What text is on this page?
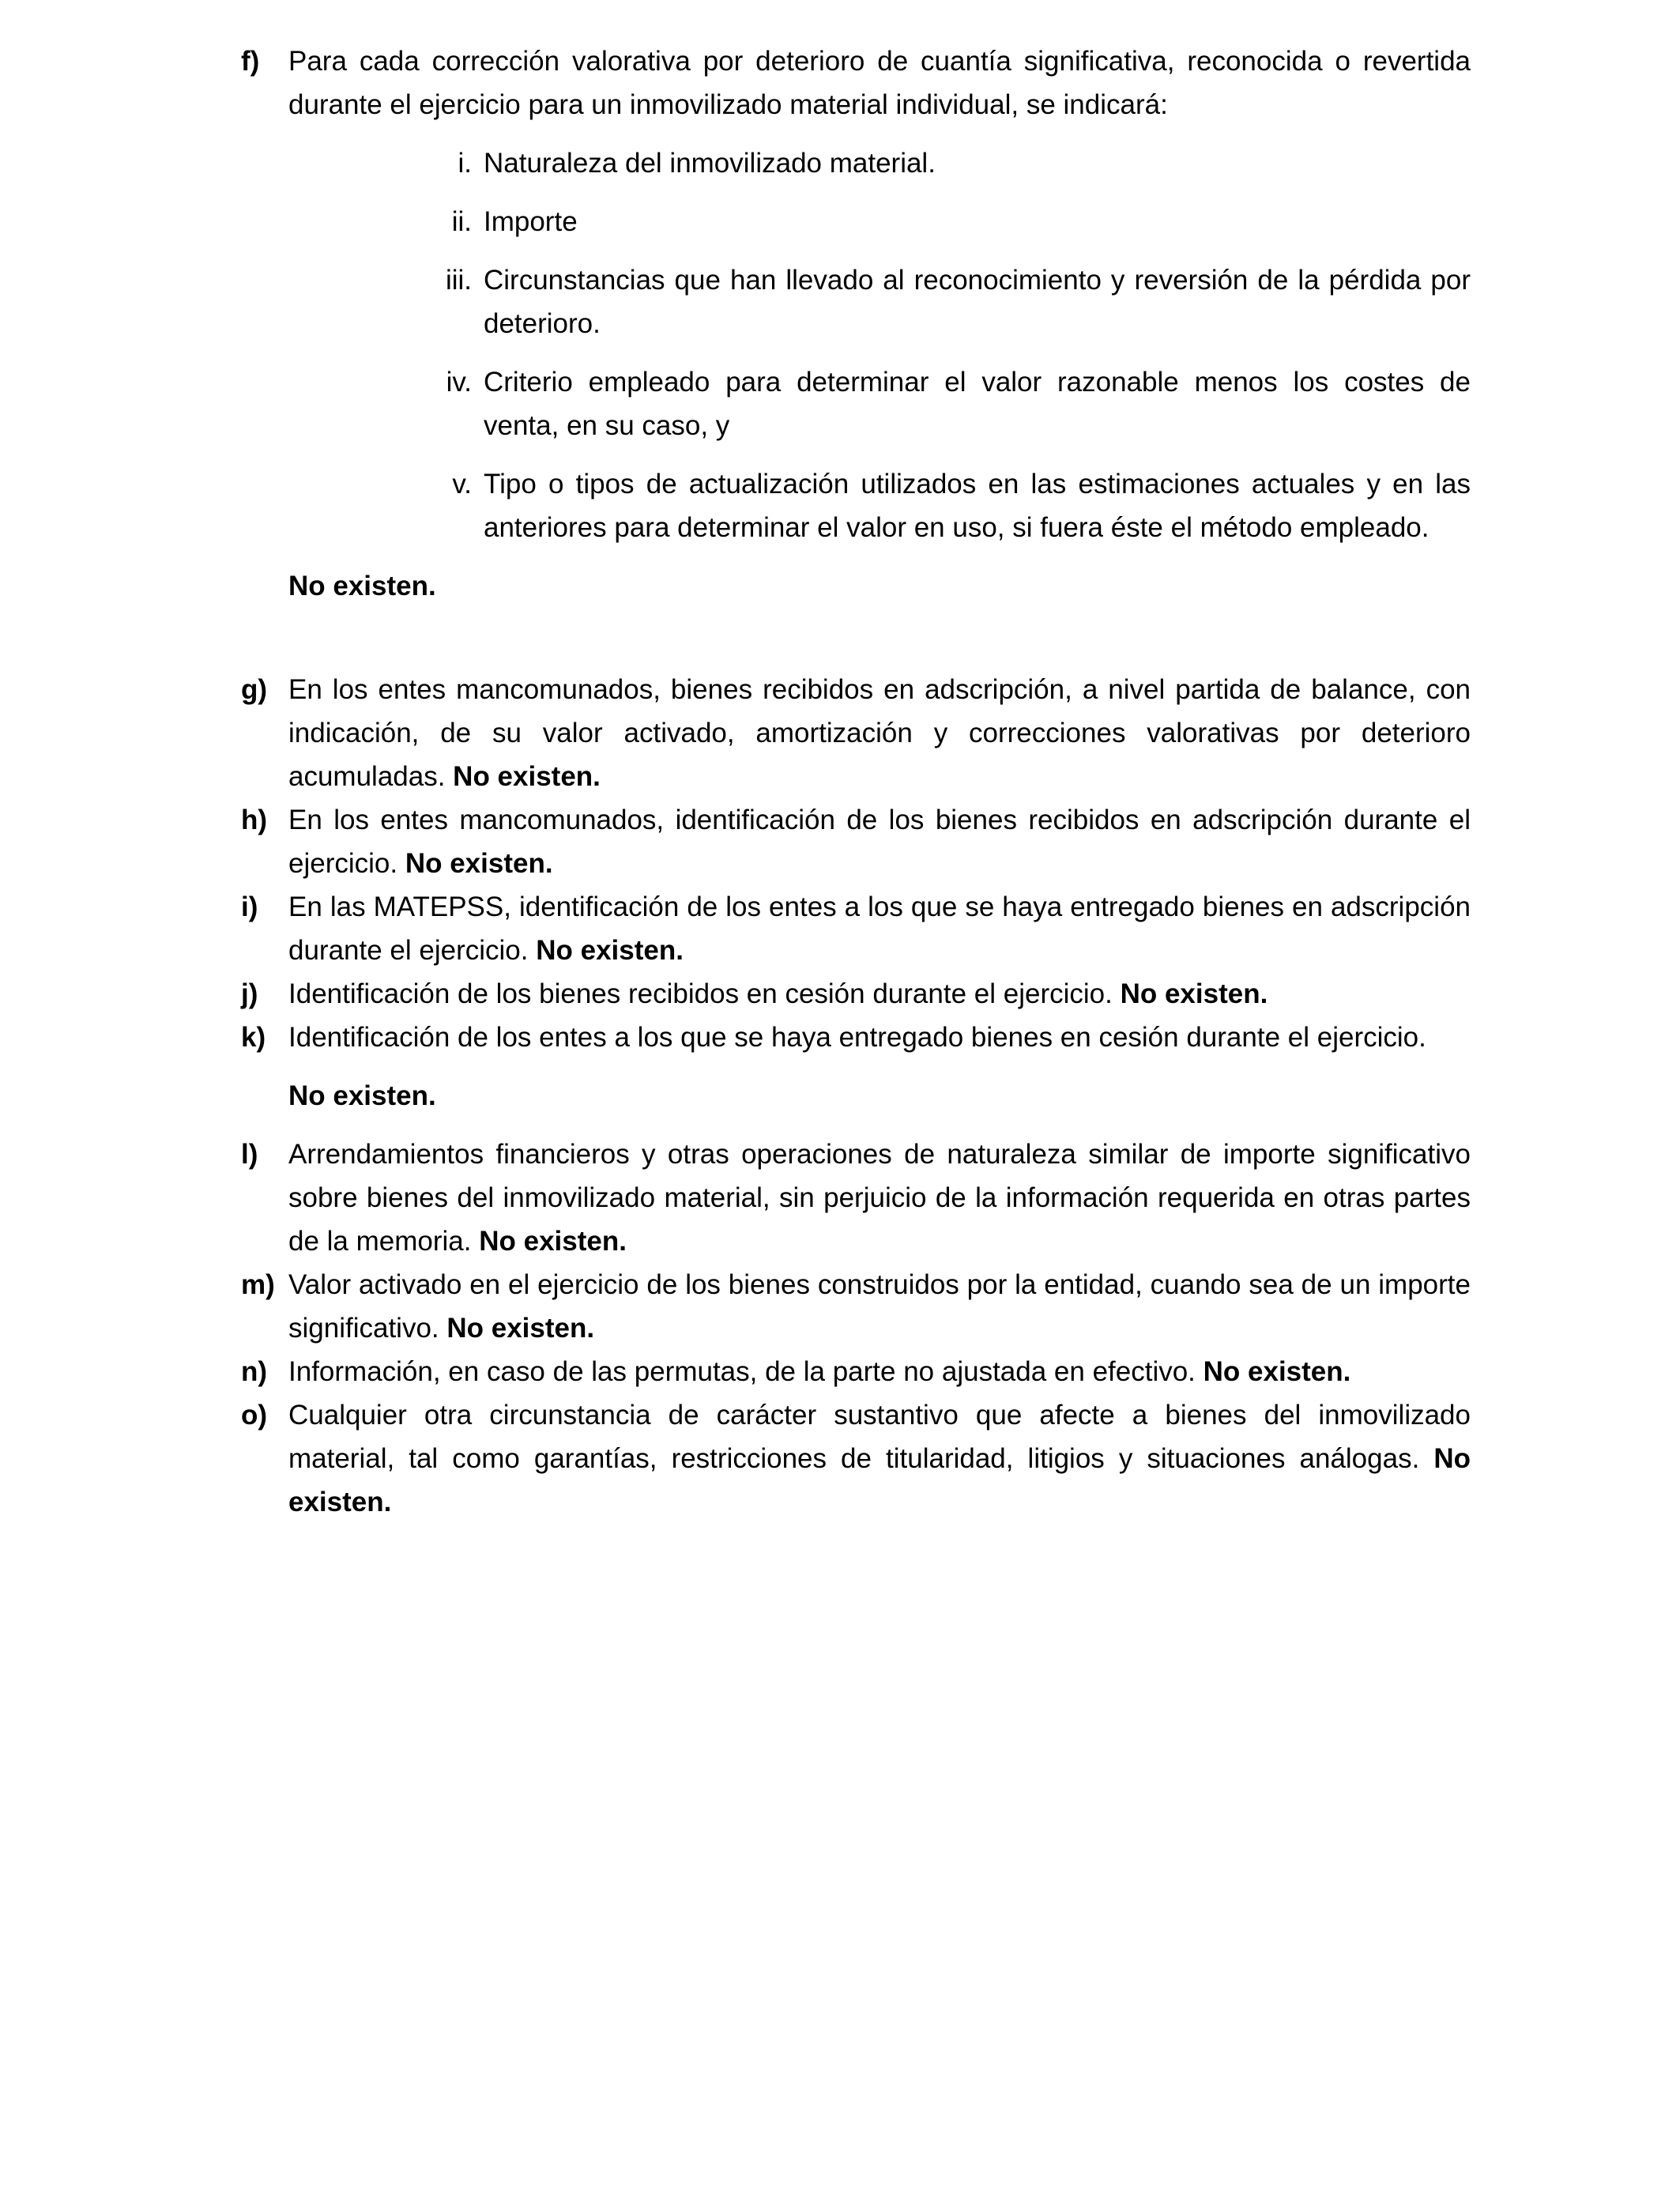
f) Para cada corrección valorativa por deterioro de cuantía significativa, reconocida o revertida durante el ejercicio para un inmovilizado material individual, se indicará:
i. Naturaleza del inmovilizado material.
ii. Importe
iii. Circunstancias que han llevado al reconocimiento y reversión de la pérdida por deterioro.
iv. Criterio empleado para determinar el valor razonable menos los costes de venta, en su caso, y
v. Tipo o tipos de actualización utilizados en las estimaciones actuales y en las anteriores para determinar el valor en uso, si fuera éste el método empleado.
No existen.
g) En los entes mancomunados, bienes recibidos en adscripción, a nivel partida de balance, con indicación, de su valor activado, amortización y correcciones valorativas por deterioro acumuladas. No existen.
h) En los entes mancomunados, identificación de los bienes recibidos en adscripción durante el ejercicio. No existen.
i) En las MATEPSS, identificación de los entes a los que se haya entregado bienes en adscripción durante el ejercicio. No existen.
j) Identificación de los bienes recibidos en cesión durante el ejercicio. No existen.
k) Identificación de los entes a los que se haya entregado bienes en cesión durante el ejercicio.
No existen.
l) Arrendamientos financieros y otras operaciones de naturaleza similar de importe significativo sobre bienes del inmovilizado material, sin perjuicio de la información requerida en otras partes de la memoria. No existen.
m) Valor activado en el ejercicio de los bienes construidos por la entidad, cuando sea de un importe significativo. No existen.
n) Información, en caso de las permutas, de la parte no ajustada en efectivo. No existen.
o) Cualquier otra circunstancia de carácter sustantivo que afecte a bienes del inmovilizado material, tal como garantías, restricciones de titularidad, litigios y situaciones análogas. No existen.
